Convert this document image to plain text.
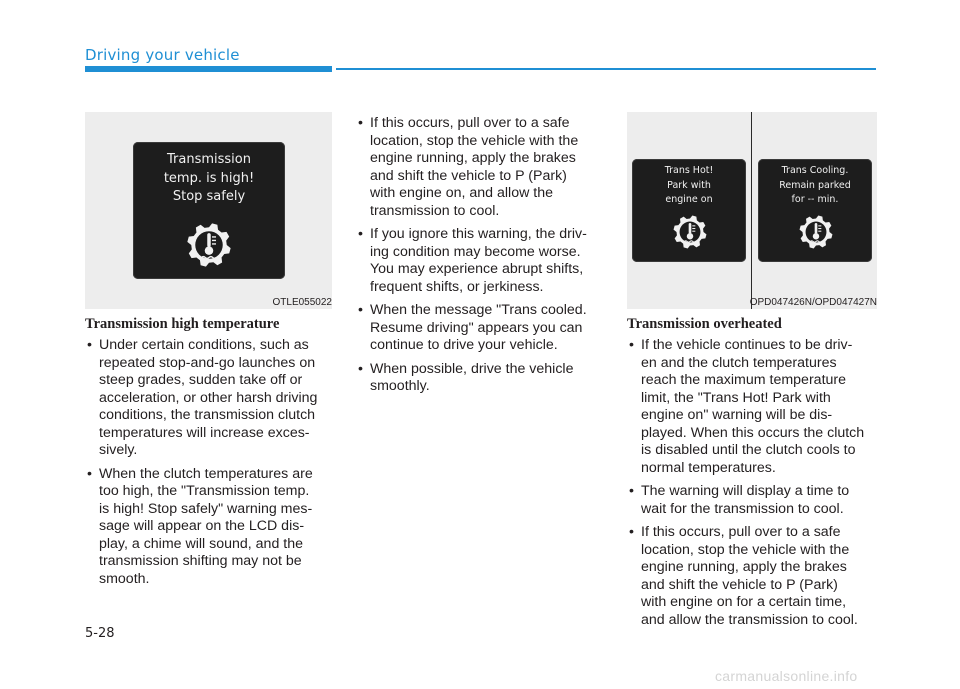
Driving your vehicle
Transmission
temp. is high!
Stop safely
OTLE055022
Trans Hot!
Park with
engine on
Trans Cooling.
Remain parked
for -- min.
OPD047426N/OPD047427N
Transmission high temperature
• Under certain conditions, such as
repeated stop-and-go launches on
steep grades, sudden take off or
acceleration, or other harsh driving
conditions, the transmission clutch
temperatures will increase exces-
sively.
• When the clutch temperatures are
too high, the "Transmission temp.
is high! Stop safely" warning mes-
sage will appear on the LCD dis-
play, a chime will sound, and the
transmission shifting may not be
smooth.
• If this occurs, pull over to a safe
location, stop the vehicle with the
engine running, apply the brakes
and shift the vehicle to P (Park)
with engine on, and allow the
transmission to cool.
• If you ignore this warning, the driv-
ing condition may become worse.
You may experience abrupt shifts,
frequent shifts, or jerkiness.
• When the message "Trans cooled.
Resume driving" appears you can
continue to drive your vehicle.
• When possible, drive the vehicle
smoothly.
Transmission overheated
• If the vehicle continues to be driv-
en and the clutch temperatures
reach the maximum temperature
limit, the "Trans Hot! Park with
engine on" warning will be dis-
played. When this occurs the clutch
is disabled until the clutch cools to
normal temperatures.
• The warning will display a time to
wait for the transmission to cool.
• If this occurs, pull over to a safe
location, stop the vehicle with the
engine running, apply the brakes
and shift the vehicle to P (Park)
with engine on for a certain time,
and allow the transmission to cool.
5-28
carmanualsonline.info
